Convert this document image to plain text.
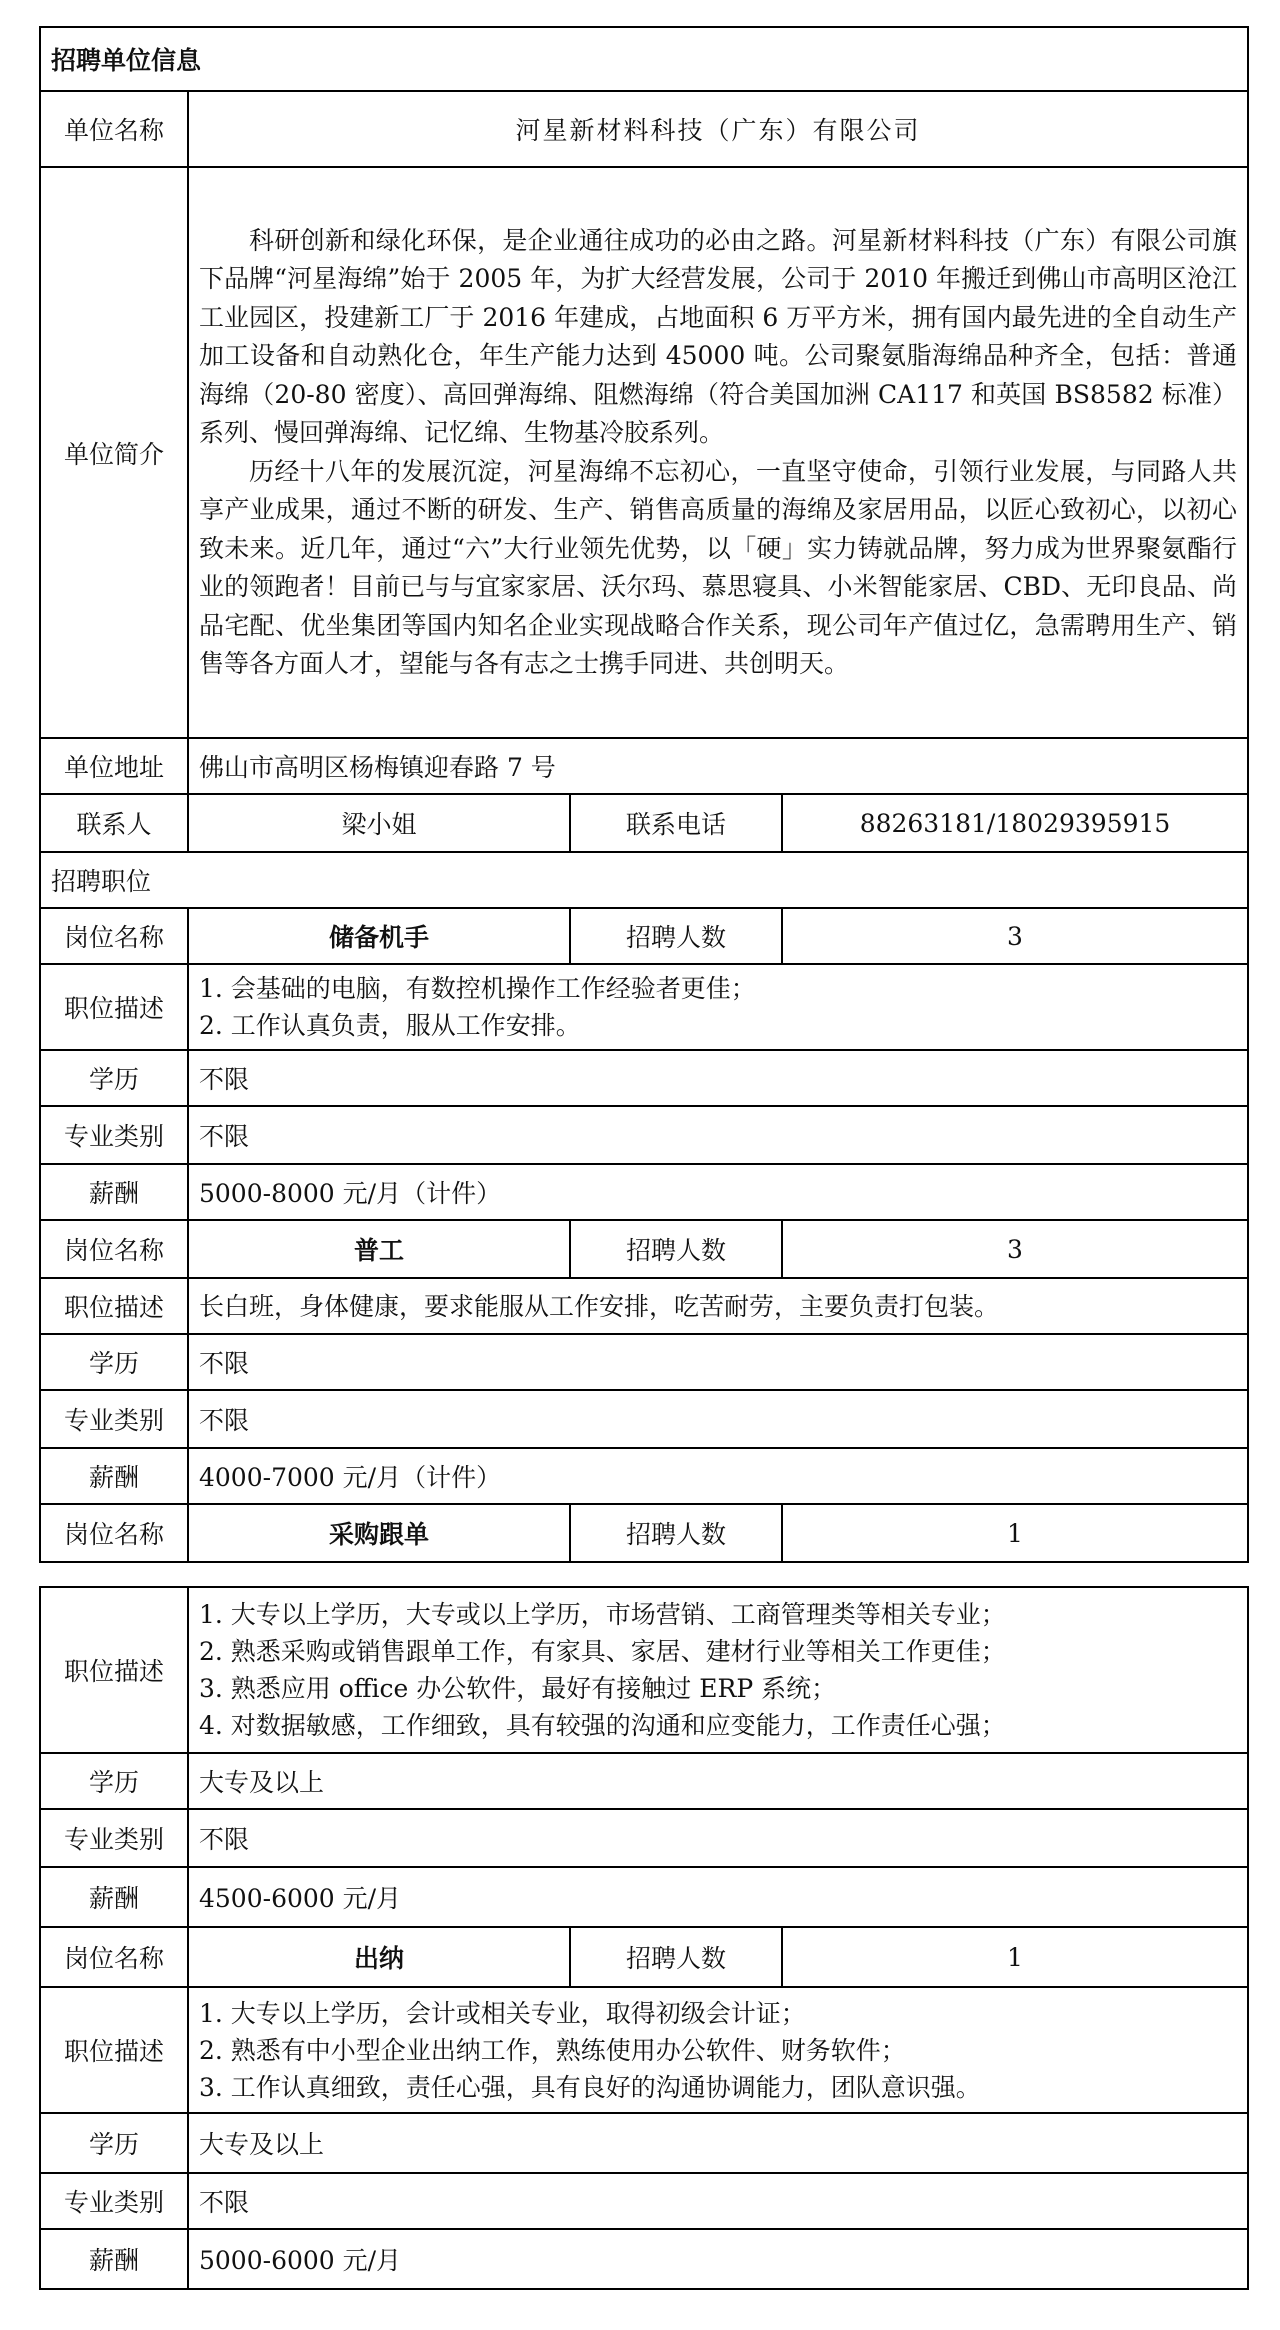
招聘单位信息			
单位名称	河星新材料科技（广东）有限公司		
单位简介	科研创新和绿化环保，是企业通往成功的必由之路。河星新材料科技（广东）有限公司旗下品牌“河星海绵”始于 2005 年，为扩大经营发展，公司于 2010 年搬迁到佛山市高明区沧江工业园区，投建新工厂于 2016 年建成，占地面积 6 万平方米，拥有国内最先进的全自动生产加工设备和自动熟化仓，年生产能力达到 45000 吨。公司聚氨脂海绵品种齐全，包括：普通海绵（20-80 密度）、高回弹海绵、阻燃海绵（符合美国加洲 CA117 和英国 BS8582 标准）系列、慢回弹海绵、记忆绵、生物基冷胶系列。

历经十八年的发展沉淀，河星海绵不忘初心，一直坚守使命，引领行业发展，与同路人共享产业成果，通过不断的研发、生产、销售高质量的海绵及家居用品，以匠心致初心，以初心致未来。近几年，通过“六”大行业领先优势，以「硬」实力铸就品牌，努力成为世界聚氨酯行业的领跑者！目前已与与宜家家居、沃尔玛、慕思寝具、小米智能家居、CBD、无印良品、尚品宅配、优坐集团等国内知名企业实现战略合作关系，现公司年产值过亿，急需聘用生产、销售等各方面人才，望能与各有志之士携手同进、共创明天。		

单位地址	佛山市高明区杨梅镇迎春路 7 号		
联系人	梁小姐	联系电话	88263181/18029395915
招聘职位			
岗位名称	储备机手	招聘人数	3
职位描述	1. 会基础的电脑，有数控机操作工作经验者更佳；
2. 工作认真负责，服从工作安排。		

学历	不限		
专业类别	不限		
薪酬	5000-8000 元/月（计件）		
岗位名称	普工	招聘人数	3
职位描述	长白班，身体健康，要求能服从工作安排，吃苦耐劳，主要负责打包装。		

学历	不限		
专业类别	不限		
薪酬	4000-7000 元/月（计件）		
岗位名称	采购跟单	招聘人数	1
职位描述	1. 大专以上学历，大专或以上学历，市场营销、工商管理类等相关专业；
2. 熟悉采购或销售跟单工作，有家具、家居、建材行业等相关工作更佳；
3. 熟悉应用 office 办公软件，最好有接触过 ERP 系统；
4. 对数据敏感，工作细致，具有较强的沟通和应变能力，工作责任心强；		

学历	大专及以上		
专业类别	不限		
薪酬	4500-6000 元/月		
岗位名称	出纳	招聘人数	1
职位描述	1. 大专以上学历，会计或相关专业，取得初级会计证；
2. 熟悉有中小型企业出纳工作，熟练使用办公软件、财务软件；
3. 工作认真细致，责任心强，具有良好的沟通协调能力，团队意识强。		

学历	大专及以上		
专业类别	不限		
薪酬	5000-6000 元/月		
